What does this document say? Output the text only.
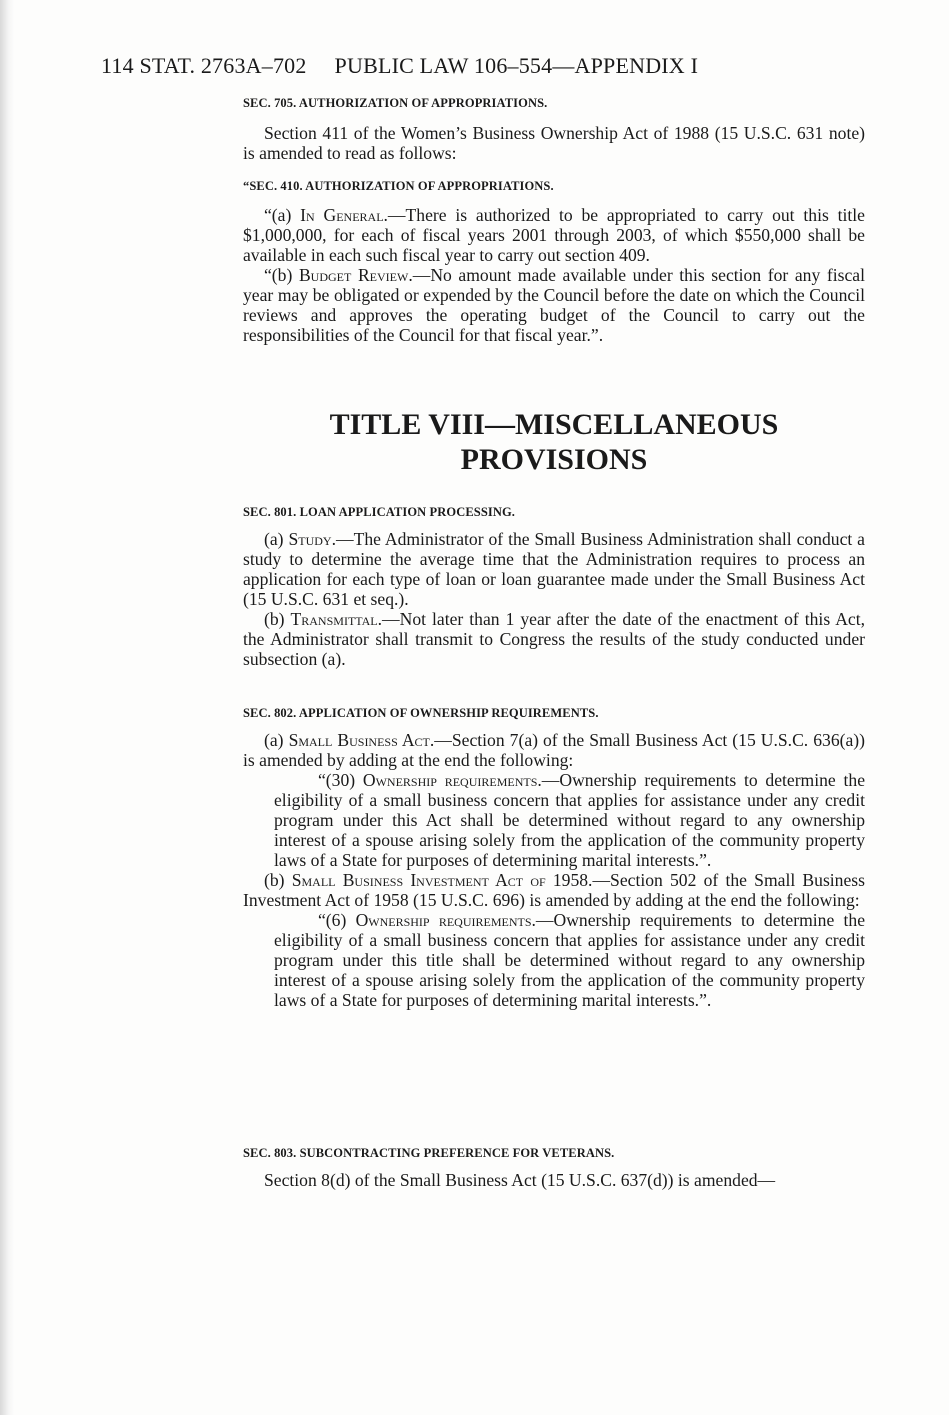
114 STAT. 2763A–702 PUBLIC LAW 106–554—APPENDIX I
SEC. 705. AUTHORIZATION OF APPROPRIATIONS.

Section 411 of the Women’s Business Ownership Act of 1988 (15 U.S.C. 631 note) is amended to read as follows:

“SEC. 410. AUTHORIZATION OF APPROPRIATIONS.

“(a) In General.—There is authorized to be appropriated to carry out this title $1,000,000, for each of fiscal years 2001 through 2003, of which $550,000 shall be available in each such fiscal year to carry out section 409.

“(b) Budget Review.—No amount made available under this section for any fiscal year may be obligated or expended by the Council before the date on which the Council reviews and approves the operating budget of the Council to carry out the responsibilities of the Council for that fiscal year.”.

TITLE VIII—MISCELLANEOUS
PROVISIONS
SEC. 801. LOAN APPLICATION PROCESSING.

(a) Study.—The Administrator of the Small Business Administration shall conduct a study to determine the average time that the Administration requires to process an application for each type of loan or loan guarantee made under the Small Business Act (15 U.S.C. 631 et seq.).

(b) Transmittal.—Not later than 1 year after the date of the enactment of this Act, the Administrator shall transmit to Congress the results of the study conducted under subsection (a).

SEC. 802. APPLICATION OF OWNERSHIP REQUIREMENTS.

(a) Small Business Act.—Section 7(a) of the Small Business Act (15 U.S.C. 636(a)) is amended by adding at the end the following:

“(30) Ownership requirements.—Ownership requirements to determine the eligibility of a small business concern that applies for assistance under any credit program under this Act shall be determined without regard to any ownership interest of a spouse arising solely from the application of the community property laws of a State for purposes of determining marital interests.”.

(b) Small Business Investment Act of 1958.—Section 502 of the Small Business Investment Act of 1958 (15 U.S.C. 696) is amended by adding at the end the following:

“(6) Ownership requirements.—Ownership requirements to determine the eligibility of a small business concern that applies for assistance under any credit program under this title shall be determined without regard to any ownership interest of a spouse arising solely from the application of the community property laws of a State for purposes of determining marital interests.”.

SEC. 803. SUBCONTRACTING PREFERENCE FOR VETERANS.

Section 8(d) of the Small Business Act (15 U.S.C. 637(d)) is amended—
